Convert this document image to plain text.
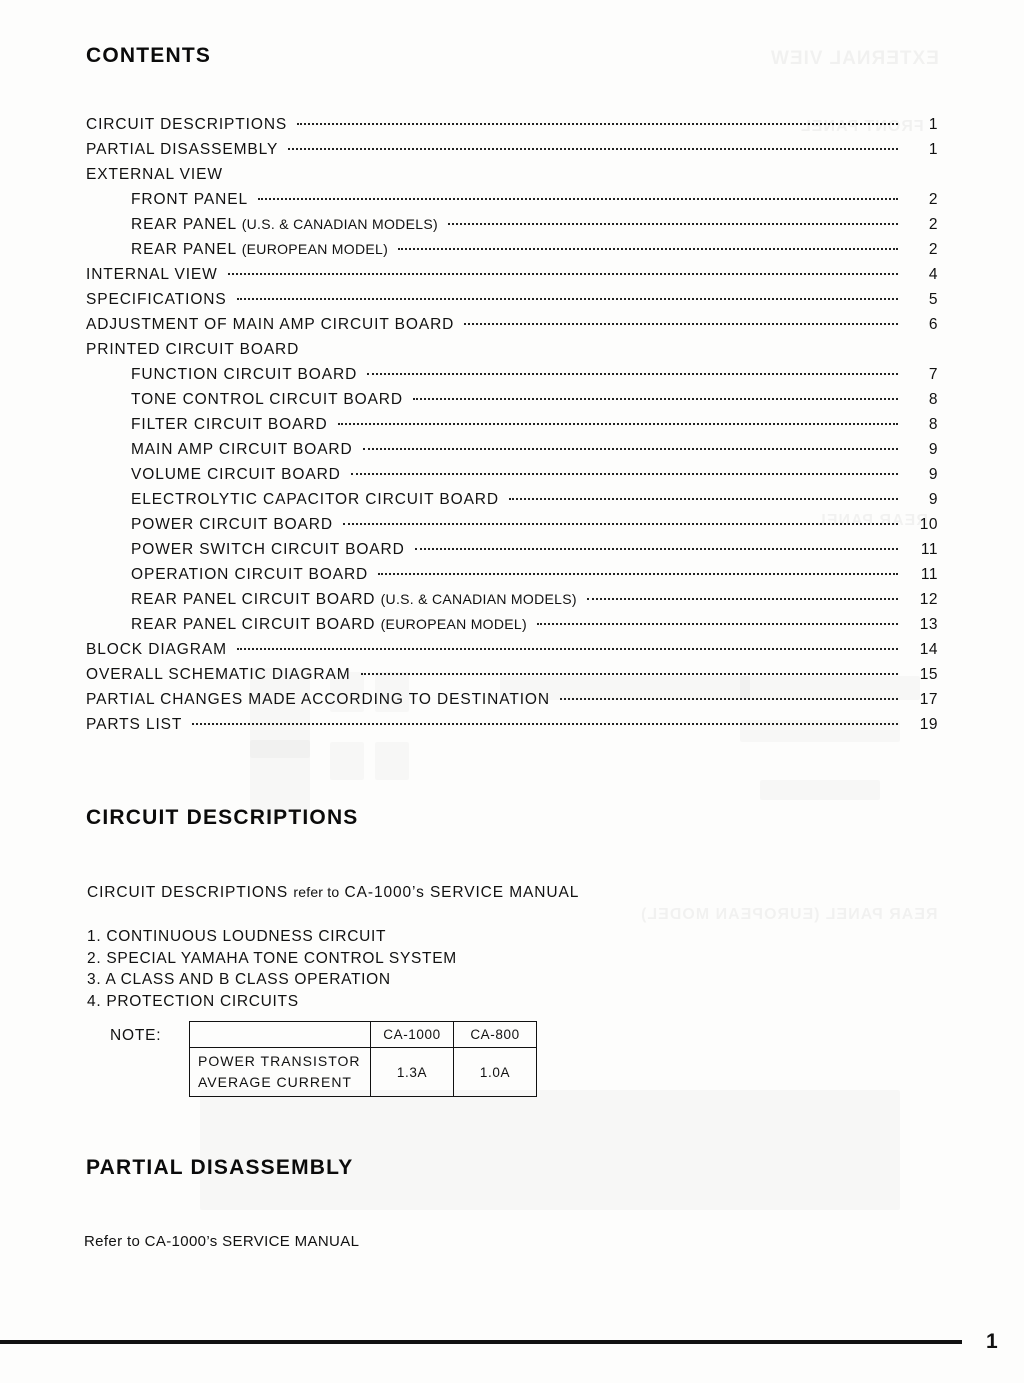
CONTENTS
CIRCUIT DESCRIPTIONS	1
PARTIAL DISASSEMBLY	1
EXTERNAL VIEW
FRONT PANEL	2
REAR PANEL (U.S. & CANADIAN MODELS)	2
REAR PANEL (EUROPEAN MODEL)	2
INTERNAL VIEW	4
SPECIFICATIONS	5
ADJUSTMENT OF MAIN AMP CIRCUIT BOARD	6
PRINTED CIRCUIT BOARD
FUNCTION CIRCUIT BOARD	7
TONE CONTROL CIRCUIT BOARD	8
FILTER CIRCUIT BOARD	8
MAIN AMP CIRCUIT BOARD	9
VOLUME CIRCUIT BOARD	9
ELECTROLYTIC CAPACITOR CIRCUIT BOARD	9
POWER CIRCUIT BOARD	10
POWER SWITCH CIRCUIT BOARD	11
OPERATION CIRCUIT BOARD	11
REAR PANEL CIRCUIT BOARD (U.S. & CANADIAN MODELS)	12
REAR PANEL CIRCUIT BOARD (EUROPEAN MODEL)	13
BLOCK DIAGRAM	14
OVERALL SCHEMATIC DIAGRAM	15
PARTIAL CHANGES MADE ACCORDING TO DESTINATION	17
PARTS LIST	19
CIRCUIT DESCRIPTIONS
CIRCUIT DESCRIPTIONS refer to CA-1000’s SERVICE MANUAL
1. CONTINUOUS LOUDNESS CIRCUIT
2. SPECIAL YAMAHA TONE CONTROL SYSTEM
3. A CLASS AND B CLASS OPERATION
4. PROTECTION CIRCUITS
NOTE:
		CA-1000	CA-800

POWER TRANSISTOR
AVERAGE CURRENT	1.3A	1.0A
PARTIAL DISASSEMBLY
Refer to CA-1000’s SERVICE MANUAL
1
